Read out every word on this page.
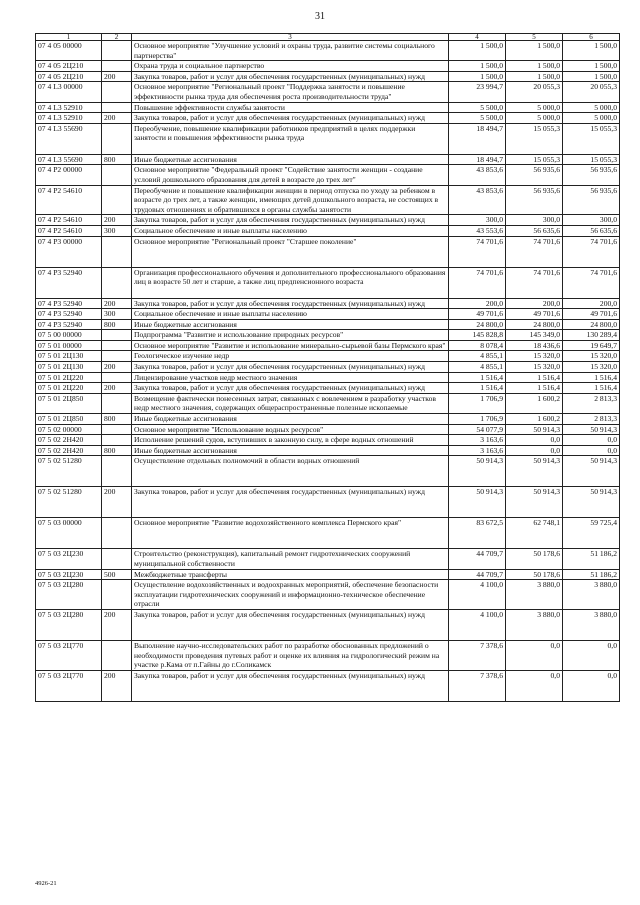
31
1	2	3	4	5	6
07 4 05 00000		Основное мероприятие "Улучшение условий и охраны труда, развитие системы социального партнерства"	1 500,0	1 500,0	1 500,0
07 4 05 2Ц210		Охрана труда и социальное партнерство	1 500,0	1 500,0	1 500,0
07 4 05 2Ц210	200	Закупка товаров, работ и услуг для обеспечения государственных (муниципальных) нужд	1 500,0	1 500,0	1 500,0
07 4 L3 00000		Основное мероприятие "Региональный проект "Поддержка занятости и повышение эффективности рынка труда для обеспечения роста производительности труда"	23 994,7	20 055,3	20 055,3
07 4 L3 52910		Повышение эффективности службы занятости	5 500,0	5 000,0	5 000,0
07 4 L3 52910	200	Закупка товаров, работ и услуг для обеспечения государственных (муниципальных) нужд	5 500,0	5 000,0	5 000,0
07 4 L3 55690		Переобучение, повышение квалификации работников предприятий в целях поддержки занятости и повышения эффективности рынка труда	18 494,7	15 055,3	15 055,3
07 4 L3 55690	800	Иные бюджетные ассигнования	18 494,7	15 055,3	15 055,3
07 4 P2 00000		Основное мероприятие "Федеральный проект "Содействие занятости женщин - создание условий дошкольного образования для детей в возрасте до трех лет"	43 853,6	56 935,6	56 935,6
07 4 P2 54610		Переобучение и повышение квалификации женщин в период отпуска по уходу за ребенком в возрасте до трех лет, а также женщин, имеющих детей дошкольного возраста, не состоящих в трудовых отношениях и обратившихся в органы службы занятости	43 853,6	56 935,6	56 935,6
07 4 P2 54610	200	Закупка товаров, работ и услуг для обеспечения государственных (муниципальных) нужд	300,0	300,0	300,0
07 4 P2 54610	300	Социальное обеспечение и иные выплаты населению	43 553,6	56 635,6	56 635,6
07 4 P3 00000		Основное мероприятие "Региональный проект "Старшее поколение"	74 701,6	74 701,6	74 701,6
07 4 P3 52940		Организация профессионального обучения и дополнительного профессионального образования лиц в возрасте 50 лет и старше, а также лиц предпенсионного возраста	74 701,6	74 701,6	74 701,6
07 4 P3 52940	200	Закупка товаров, работ и услуг для обеспечения государственных (муниципальных) нужд	200,0	200,0	200,0
07 4 P3 52940	300	Социальное обеспечение и иные выплаты населению	49 701,6	49 701,6	49 701,6
07 4 P3 52940	800	Иные бюджетные ассигнования	24 800,0	24 800,0	24 800,0
07 5 00 00000		Подпрограмма "Развитие и использование природных ресурсов"	145 828,8	145 349,0	130 289,4
07 5 01 00000		Основное мероприятие "Развитие и использование минерально-сырьевой базы Пермского края"	8 078,4	18 436,6	19 649,7
07 5 01 2Ц130		Геологическое изучение недр	4 855,1	15 320,0	15 320,0
07 5 01 2Ц130	200	Закупка товаров, работ и услуг для обеспечения государственных (муниципальных) нужд	4 855,1	15 320,0	15 320,0
07 5 01 2Ц220		Лицензирование участков недр местного значения	1 516,4	1 516,4	1 516,4
07 5 01 2Ц220	200	Закупка товаров, работ и услуг для обеспечения государственных (муниципальных) нужд	1 516,4	1 516,4	1 516,4
07 5 01 2Ц850		Возмещение фактически понесенных затрат, связанных с вовлечением в разработку участков недр местного значения, содержащих общераспространенные полезные ископаемые	1 706,9	1 600,2	2 813,3
07 5 01 2Ц850	800	Иные бюджетные ассигнования	1 706,9	1 600,2	2 813,3
07 5 02 00000		Основное мероприятие "Использование водных ресурсов"	54 077,9	50 914,3	50 914,3
07 5 02 2Н420		Исполнение решений судов, вступивших в законную силу, в сфере водных отношений	3 163,6	0,0	0,0
07 5 02 2Н420	800	Иные бюджетные ассигнования	3 163,6	0,0	0,0
07 5 02 51280		Осуществление отдельных полномочий в области водных отношений	50 914,3	50 914,3	50 914,3
07 5 02 51280	200	Закупка товаров, работ и услуг для обеспечения государственных (муниципальных) нужд	50 914,3	50 914,3	50 914,3
07 5 03 00000		Основное мероприятие "Развитие водохозяйственного комплекса Пермского края"	83 672,5	62 748,1	59 725,4
07 5 03 2Ц230		Строительство (реконструкция), капитальный ремонт гидротехнических сооружений муниципальной собственности	44 709,7	50 178,6	51 186,2
07 5 03 2Ц230	500	Межбюджетные трансферты	44 709,7	50 178,6	51 186,2
07 5 03 2Ц280		Осуществление водохозяйственных и водоохранных мероприятий, обеспечение безопасности эксплуатации гидротехнических сооружений и информационно-техническое обеспечение отрасли	4 100,0	3 880,0	3 880,0
07 5 03 2Ц280	200	Закупка товаров, работ и услуг для обеспечения государственных (муниципальных) нужд	4 100,0	3 880,0	3 880,0
07 5 03 2Ц770		Выполнение научно-исследовательских работ по разработке обоснованных предложений о необходимости проведения путевых работ и оценке их влияния на гидрологический режим на участке р.Кама от п.Гайны до г.Соликамск	7 378,6	0,0	0,0
07 5 03 2Ц770	200	Закупка товаров, работ и услуг для обеспечения государственных (муниципальных) нужд	7 378,6	0,0	0,0
4926-21
